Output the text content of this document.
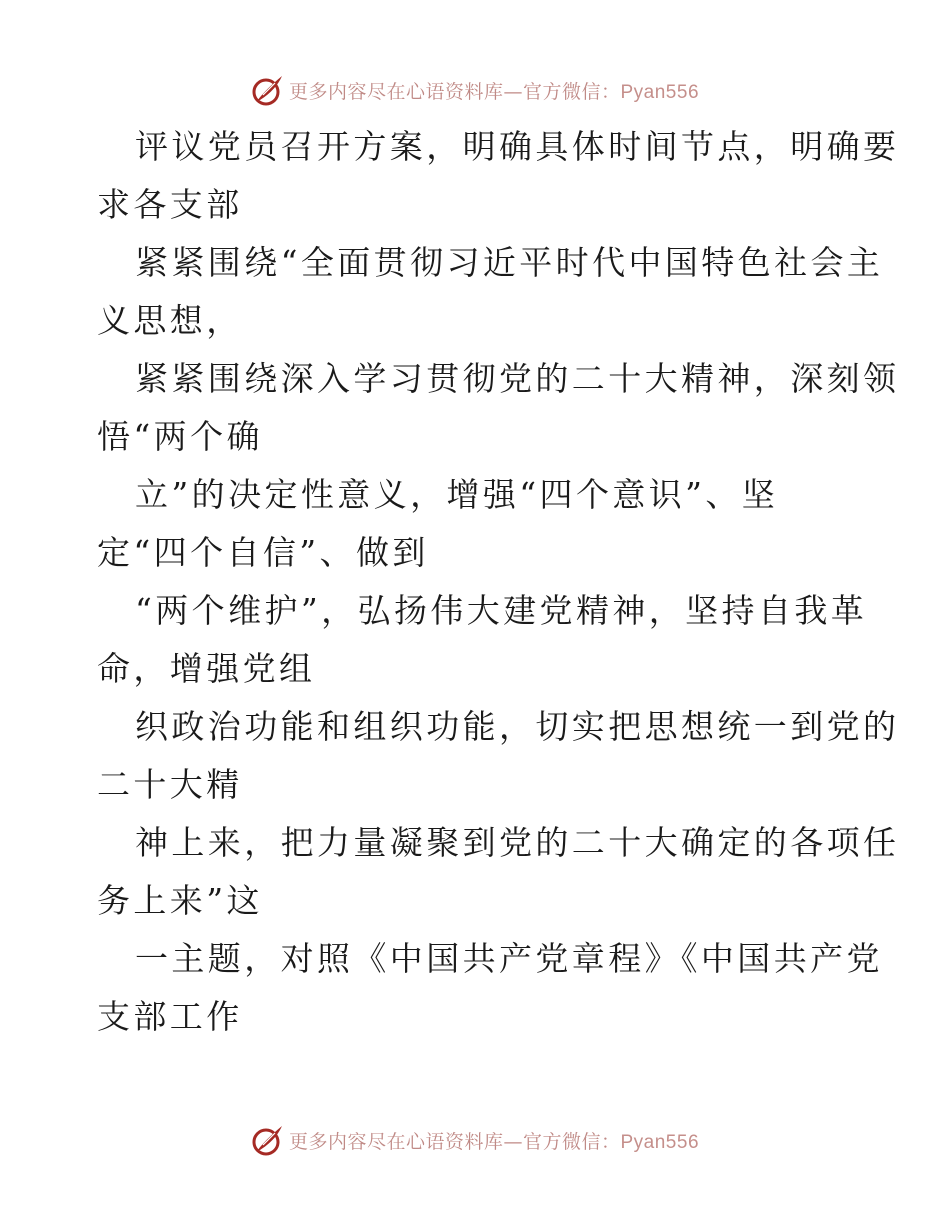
更多内容尽在心语资料库—官方微信：Pyan556
评议党员召开方案，明确具体时间节点，明确要
求各支部
紧紧围绕“全面贯彻习近平时代中国特色社会主
义思想，
紧紧围绕深入学习贯彻党的二十大精神，深刻领
悟“两个确
立”的决定性意义，增强“四个意识”、坚
定“四个自信”、做到
“两个维护”，弘扬伟大建党精神，坚持自我革
命，增强党组
织政治功能和组织功能，切实把思想统一到党的
二十大精
神上来，把力量凝聚到党的二十大确定的各项任
务上来”这
一主题，对照《中国共产党章程》《中国共产党
支部工作
更多内容尽在心语资料库—官方微信：Pyan556
